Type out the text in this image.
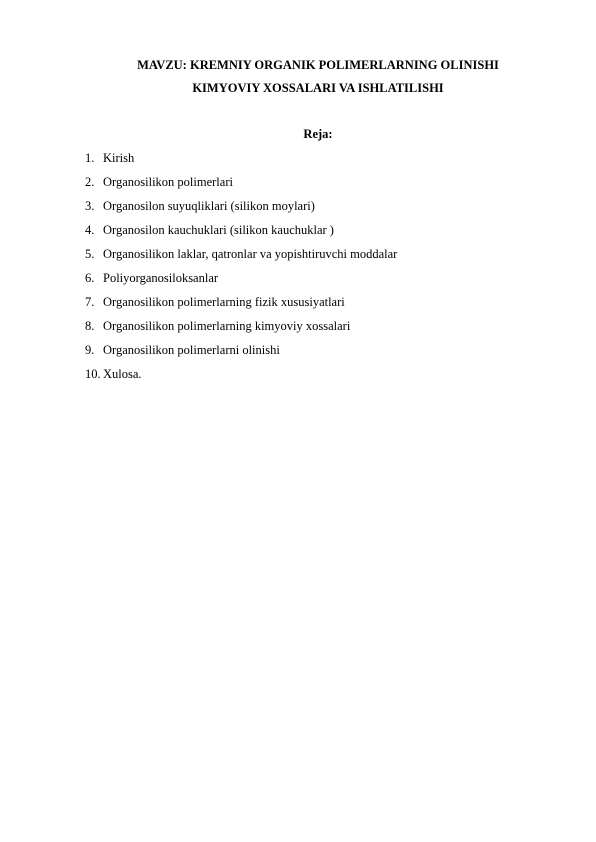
MAVZU: KREMNIY ORGANIK POLIMERLARNING OLINISHI
KIMYOVIY XOSSALARI VA ISHLATILISHI
Reja:
1. Kirish
2. Organosilikon polimerlari
3. Organosilon suyuqliklari (silikon moylari)
4. Organosilon kauchuklari (silikon kauchuklar )
5. Organosilikon laklar, qatronlar va yopishtiruvchi moddalar
6. Poliyorganosiloksanlar
7. Organosilikon polimerlarning fizik xususiyatlari
8. Organosilikon polimerlarning kimyoviy xossalari
9. Organosilikon polimerlarni olinishi
10. Xulosa.
